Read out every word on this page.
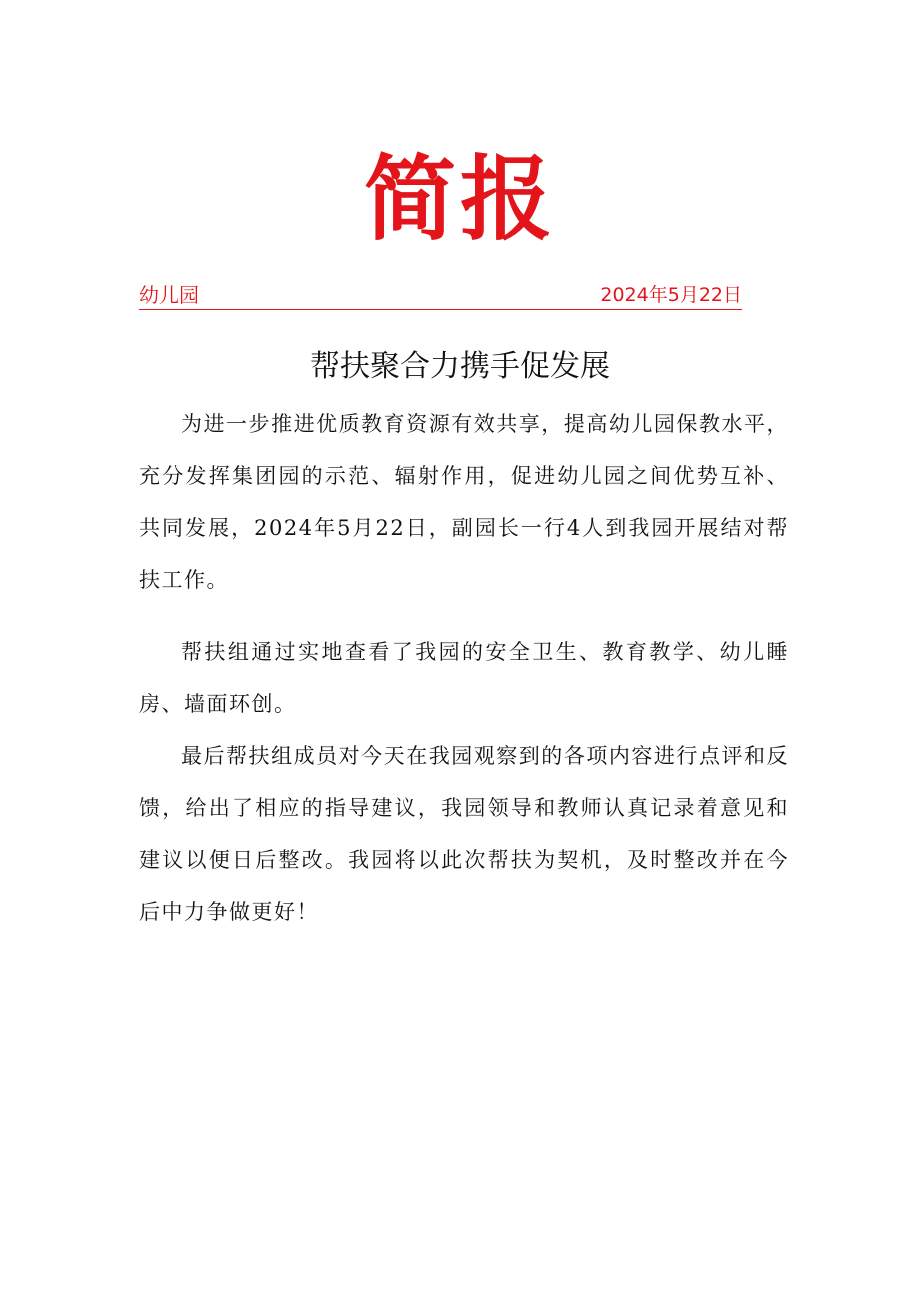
简报
幼儿园	2024年5月22日
帮扶聚合力携手促发展

为进一步推进优质教育资源有效共享，提高幼儿园保教水平，充分发挥集团园的示范、辐射作用，促进幼儿园之间优势互补、共同发展，2024年5月22日，副园长一行4人到我园开展结对帮扶工作。

帮扶组通过实地查看了我园的安全卫生、教育教学、幼儿睡房、墙面环创。

最后帮扶组成员对今天在我园观察到的各项内容进行点评和反馈，给出了相应的指导建议，我园领导和教师认真记录着意见和建议以便日后整改。我园将以此次帮扶为契机，及时整改并在今后中力争做更好！
